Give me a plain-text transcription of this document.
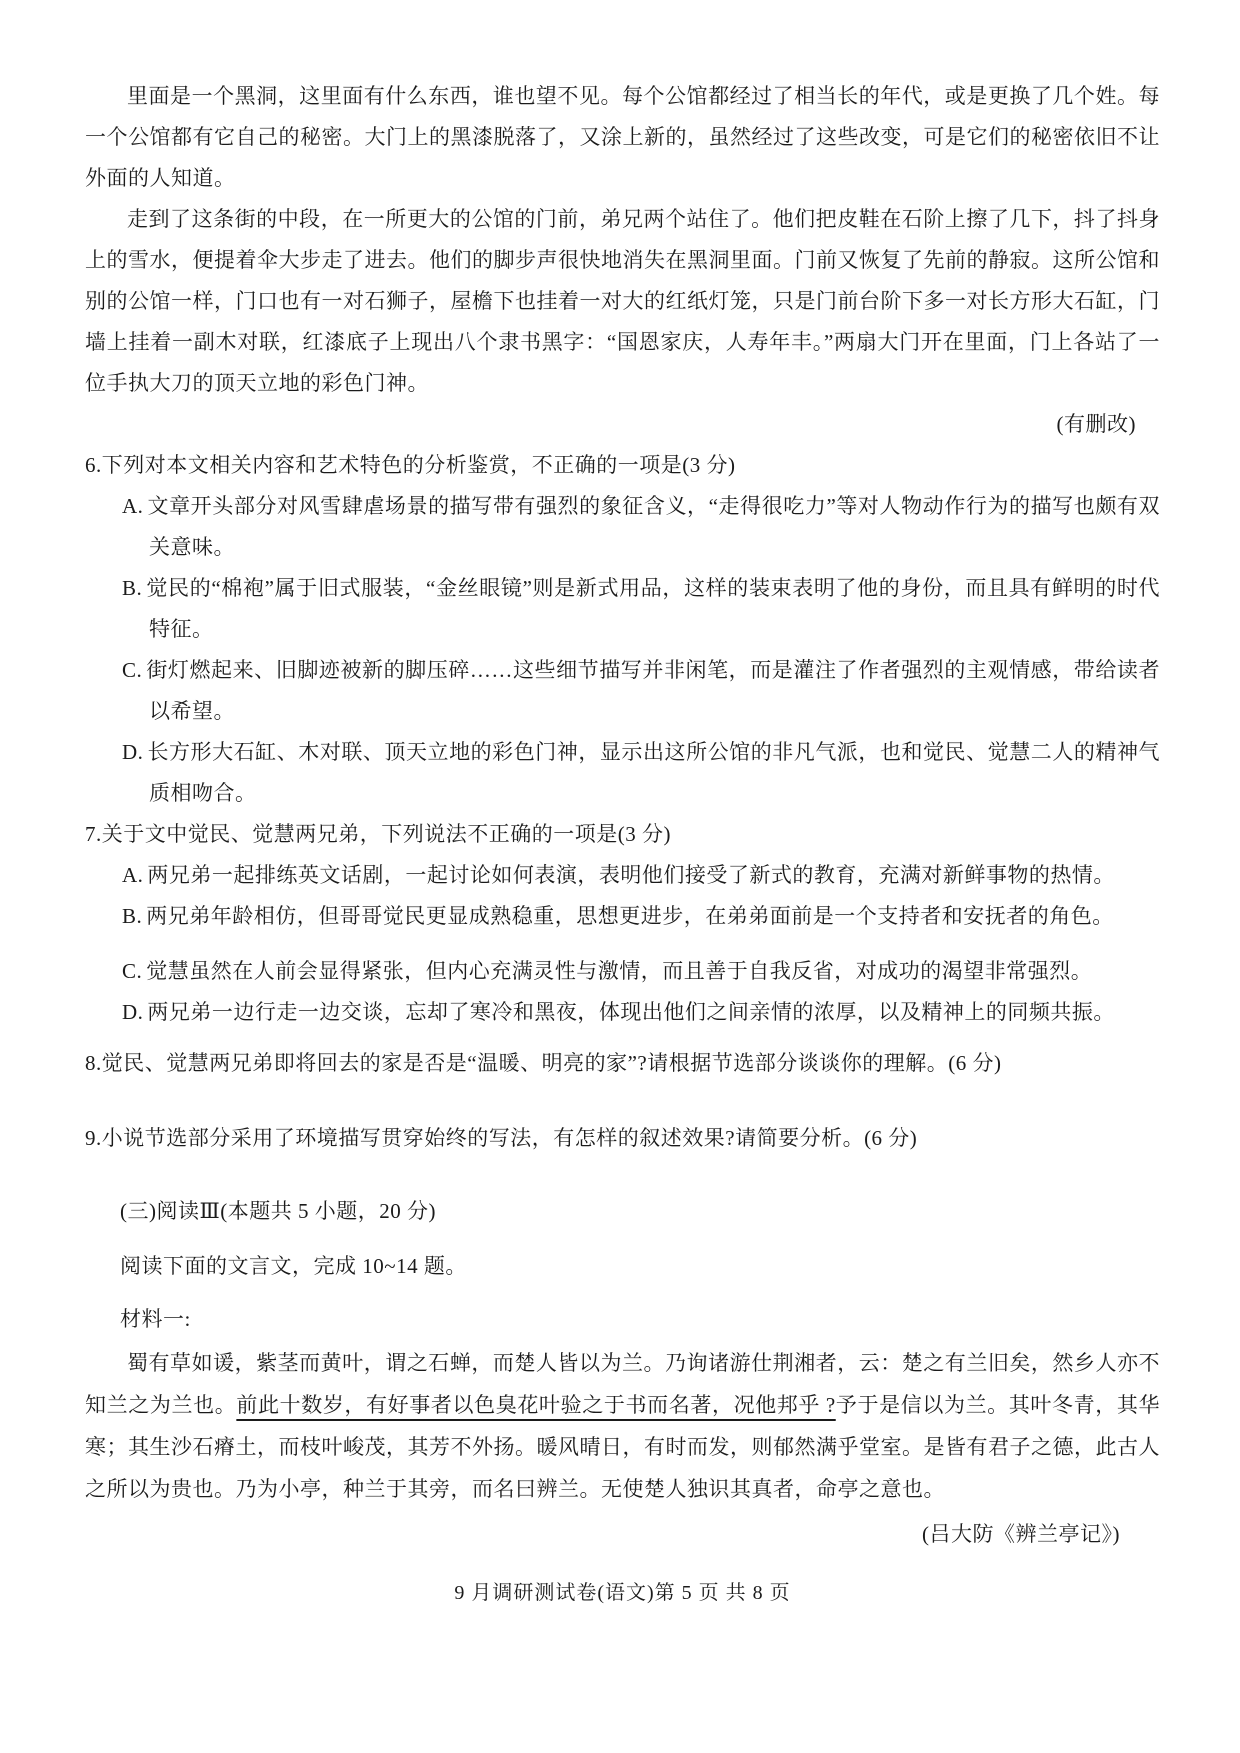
里面是一个黑洞，这里面有什么东西，谁也望不见。每个公馆都经过了相当长的年代，或是更换了几个姓。每一个公馆都有它自己的秘密。大门上的黑漆脱落了，又涂上新的，虽然经过了这些改变，可是它们的秘密依旧不让外面的人知道。

走到了这条街的中段，在一所更大的公馆的门前，弟兄两个站住了。他们把皮鞋在石阶上擦了几下，抖了抖身上的雪水，便提着伞大步走了进去。他们的脚步声很快地消失在黑洞里面。门前又恢复了先前的静寂。这所公馆和别的公馆一样，门口也有一对石狮子，屋檐下也挂着一对大的红纸灯笼，只是门前台阶下多一对长方形大石缸，门墙上挂着一副木对联，红漆底子上现出八个隶书黑字：“国恩家庆，人寿年丰。”两扇大门开在里面，门上各站了一位手执大刀的顶天立地的彩色门神。

(有删改)

6.下列对本文相关内容和艺术特色的分析鉴赏，不正确的一项是(3 分)

A. 文章开头部分对风雪肆虐场景的描写带有强烈的象征含义，“走得很吃力”等对人物动作行为的描写也颇有双关意味。
B. 觉民的“棉袍”属于旧式服装，“金丝眼镜”则是新式用品，这样的装束表明了他的身份，而且具有鲜明的时代特征。
C. 街灯燃起来、旧脚迹被新的脚压碎……这些细节描写并非闲笔，而是灌注了作者强烈的主观情感，带给读者以希望。
D. 长方形大石缸、木对联、顶天立地的彩色门神，显示出这所公馆的非凡气派，也和觉民、觉慧二人的精神气质相吻合。

7.关于文中觉民、觉慧两兄弟，下列说法不正确的一项是(3 分)

A. 两兄弟一起排练英文话剧，一起讨论如何表演，表明他们接受了新式的教育，充满对新鲜事物的热情。
B. 两兄弟年龄相仿，但哥哥觉民更显成熟稳重，思想更进步，在弟弟面前是一个支持者和安抚者的角色。
C. 觉慧虽然在人前会显得紧张，但内心充满灵性与激情，而且善于自我反省，对成功的渴望非常强烈。
D. 两兄弟一边行走一边交谈，忘却了寒冷和黑夜，体现出他们之间亲情的浓厚，以及精神上的同频共振。

8.觉民、觉慧两兄弟即将回去的家是否是“温暖、明亮的家”?请根据节选部分谈谈你的理解。(6 分)

9.小说节选部分采用了环境描写贯穿始终的写法，有怎样的叙述效果?请简要分析。(6 分)

(三)阅读Ⅲ(本题共 5 小题，20 分)

阅读下面的文言文，完成 10~14 题。

材料一:

蜀有草如谖，紫茎而黄叶，谓之石蝉，而楚人皆以为兰。乃询诸游仕荆湘者，云：楚之有兰旧矣，然乡人亦不知兰之为兰也。前此十数岁，有好事者以色臭花叶验之于书而名著，况他邦乎 ?予于是信以为兰。其叶冬青，其华寒；其生沙石瘠土，而枝叶峻茂，其芳不外扬。暖风晴日，有时而发，则郁然满乎堂室。是皆有君子之德，此古人之所以为贵也。乃为小亭，种兰于其旁，而名曰辨兰。无使楚人独识其真者，命亭之意也。

(吕大防《辨兰亭记》)

9 月调研测试卷(语文)第 5 页 共 8 页
